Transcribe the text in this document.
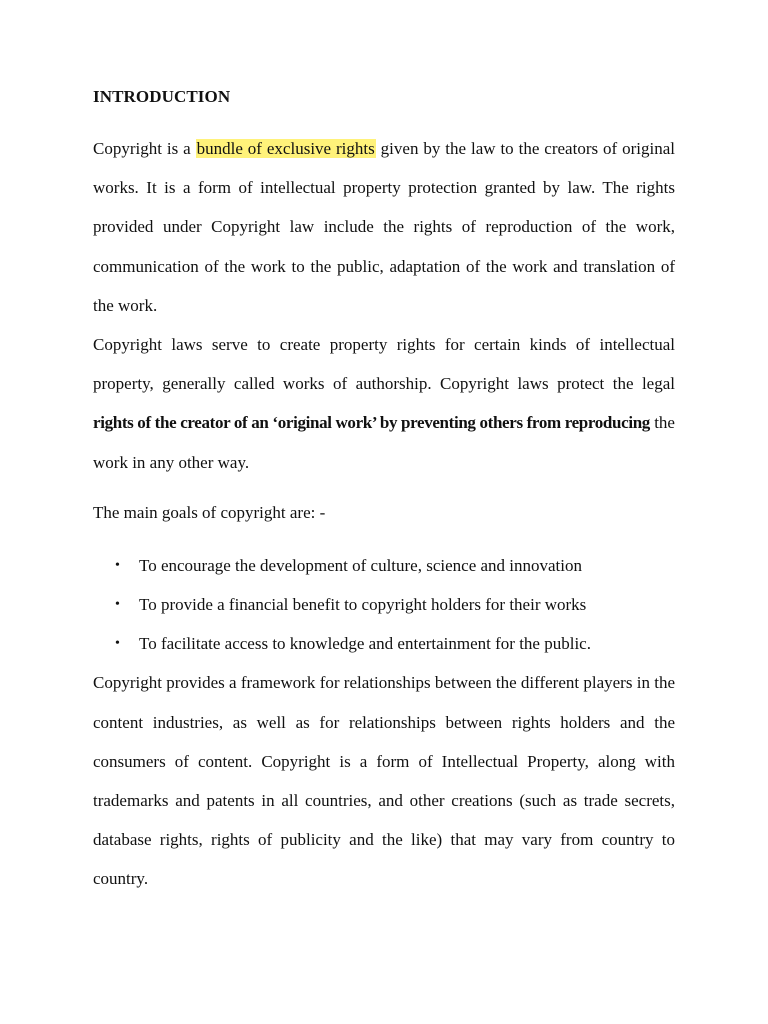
INTRODUCTION

Copyright is a bundle of exclusive rights given by the law to the creators of original works. It is a form of intellectual property protection granted by law. The rights provided under Copyright law include the rights of reproduction of the work, communication of the work to the public, adaptation of the work and translation of the work.

Copyright laws serve to create property rights for certain kinds of intellectual property, generally called works of authorship. Copyright laws protect the legal rights of the creator of an ‘original work’ by preventing others from reproducing the work in any other way.

The main goals of copyright are: -
• To encourage the development of culture, science and innovation
• To provide a financial benefit to copyright holders for their works
• To facilitate access to knowledge and entertainment for the public.

Copyright provides a framework for relationships between the different players in the content industries, as well as for relationships between rights holders and the consumers of content. Copyright is a form of Intellectual Property, along with trademarks and patents in all countries, and other creations (such as trade secrets, database rights, rights of publicity and the like) that may vary from country to country.
